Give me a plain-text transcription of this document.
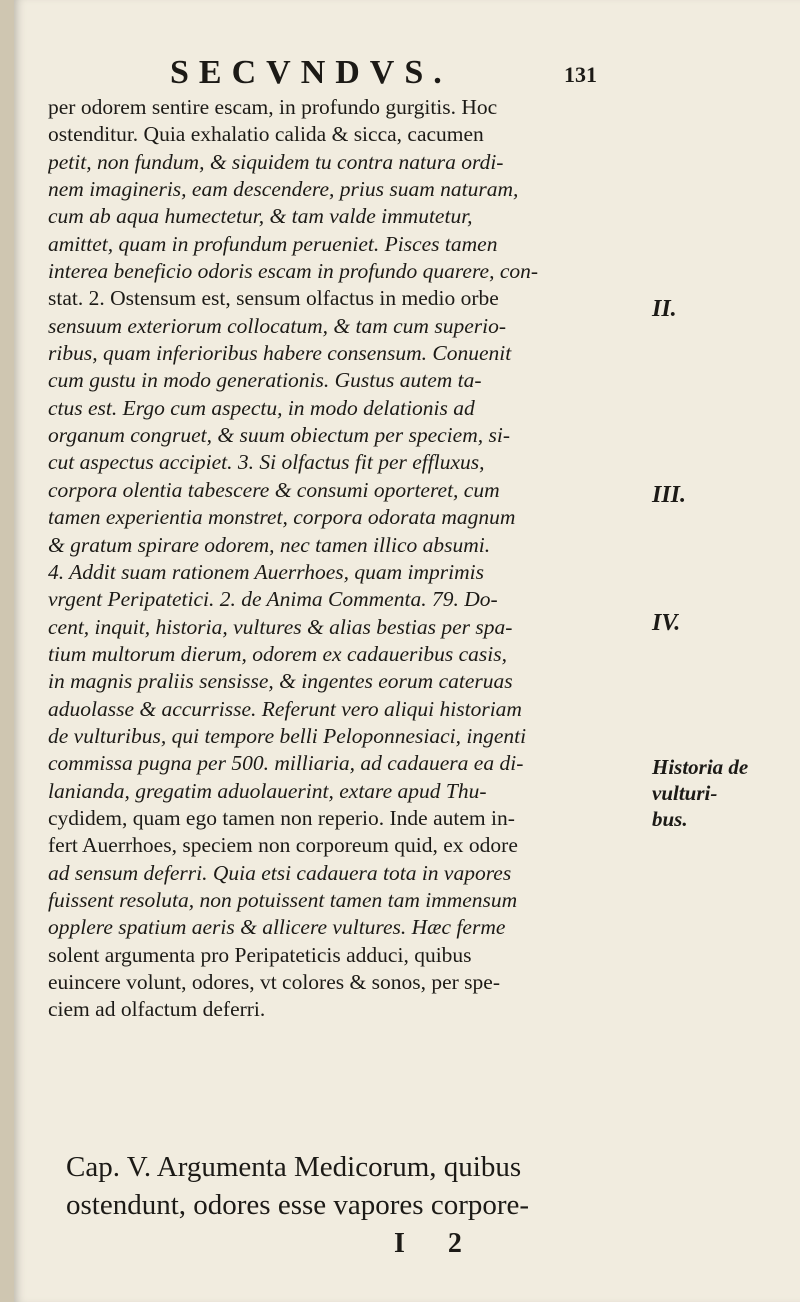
SECVNDVS.	131
per odorem sentire escam, in profundo gurgitis. Hoc
ostenditur. Quia exhalatio calida & sicca, cacumen
petit, non fundum, & siquidem tu contra natura ordi-
nem imagineris, eam descendere, prius suam naturam,
cum ab aqua humectetur, & tam valde immutetur,
amittet, quam in profundum perueniet. Pisces tamen
interea beneficio odoris escam in profundo quarere, con-
stat. 2. Ostensum est, sensum olfactus in medio orbe
sensuum exteriorum collocatum, & tam cum superio-
ribus, quam inferioribus habere consensum. Conuenit
cum gustu in modo generationis. Gustus autem ta-
ctus est. Ergo cum aspectu, in modo delationis ad
organum congruet, & suum obiectum per speciem, si-
cut aspectus accipiet. 3. Si olfactus fit per effluxus,
corpora olentia tabescere & consumi oporteret, cum
tamen experientia monstret, corpora odorata magnum
& gratum spirare odorem, nec tamen illico absumi.
4. Addit suam rationem Auerrhoes, quam imprimis
vrgent Peripatetici. 2. de Anima Commenta. 79. Do-
cent, inquit, historia, vultures & alias bestias per spa-
tium multorum dierum, odorem ex cadaueribus casis,
in magnis praliis sensisse, & ingentes eorum cateruas
aduolasse & accurrisse. Referunt vero aliqui historiam
de vulturibus, qui tempore belli Peloponnesiaci, ingenti
commissa pugna per 500. milliaria, ad cadauera ea di-
lanianda, gregatim aduolauerint, extare apud Thu-
cydidem, quam ego tamen non reperio. Inde autem in-
fert Auerrhoes, speciem non corporeum quid, ex odore
ad sensum deferri. Quia etsi cadauera tota in vapores
fuissent resoluta, non potuissent tamen tam immensum
opplere spatium aeris & allicere vultures. Hæc ferme
solent argumenta pro Peripateticis adduci, quibus
euincere volunt, odores, vt colores & sonos, per spe-
ciem ad olfactum deferri.
II.
III.
IV.
Historia de
vulturi-
bus.
Cap. V. Argumenta Medicorum, quibus
ostendunt, odores esse vapores corpore-
I 2
